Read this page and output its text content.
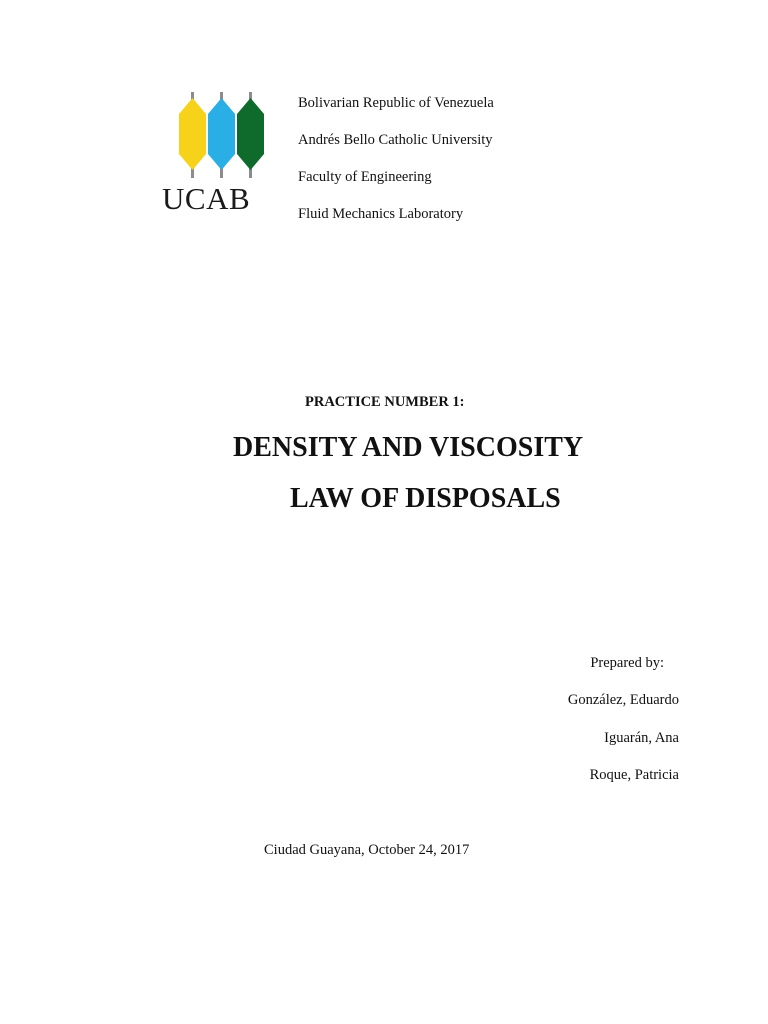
UCAB
Bolivarian Republic of Venezuela
Andrés Bello Catholic University
Faculty of Engineering
Fluid Mechanics Laboratory
PRACTICE NUMBER 1:
DENSITY AND VISCOSITY
LAW OF DISPOSALS
Prepared by:
González, Eduardo
Iguarán, Ana
Roque, Patricia
Ciudad Guayana, October 24, 2017
